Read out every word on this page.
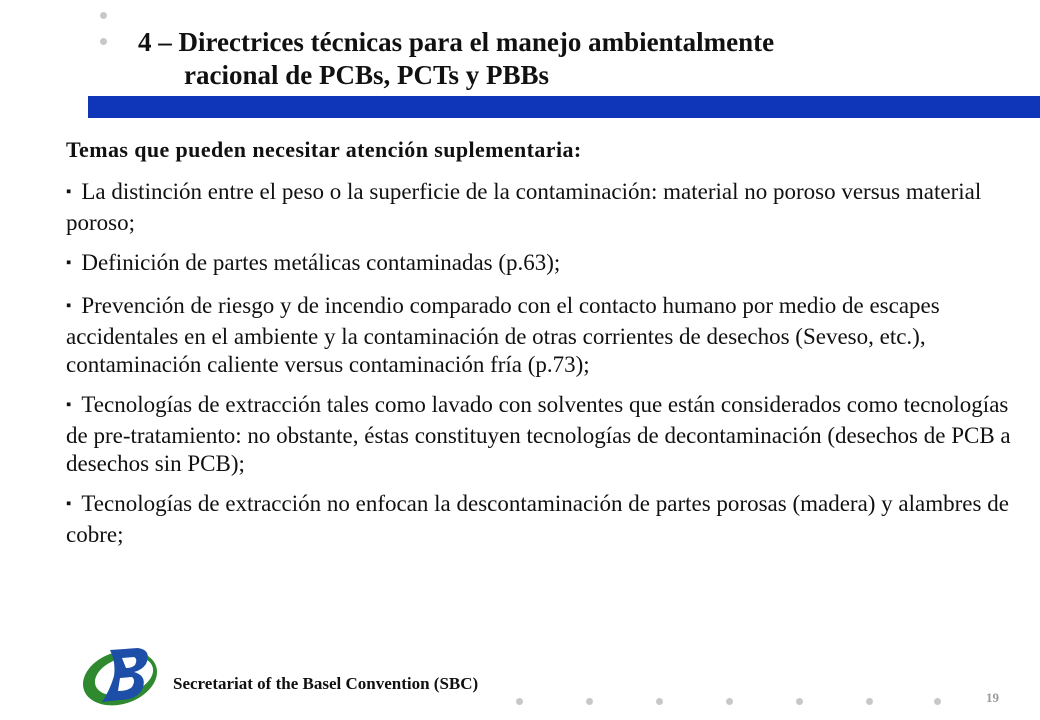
4 – Directrices técnicas para el manejo ambientalmente
racional de PCBs, PCTs y PBBs

Temas que pueden necesitar atención suplementaria:

▪ La distinción entre el peso o la superficie de la contaminación: material no poroso versus material poroso;

▪ Definición de partes metálicas contaminadas (p.63);

▪ Prevención de riesgo y de incendio comparado con el contacto humano por medio de escapes accidentales en el ambiente y la contaminación de otras corrientes de desechos (Seveso, etc.), contaminación caliente versus contaminación fría (p.73);

▪ Tecnologías de extracción tales como lavado con solventes que están considerados como tecnologías de pre-tratamiento: no obstante, éstas constituyen tecnologías de decontaminación (desechos de PCB a desechos sin PCB);

▪ Tecnologías de extracción no enfocan la descontaminación de partes porosas (madera) y alambres de cobre;

Secretariat of the Basel Convention (SBC)
19
